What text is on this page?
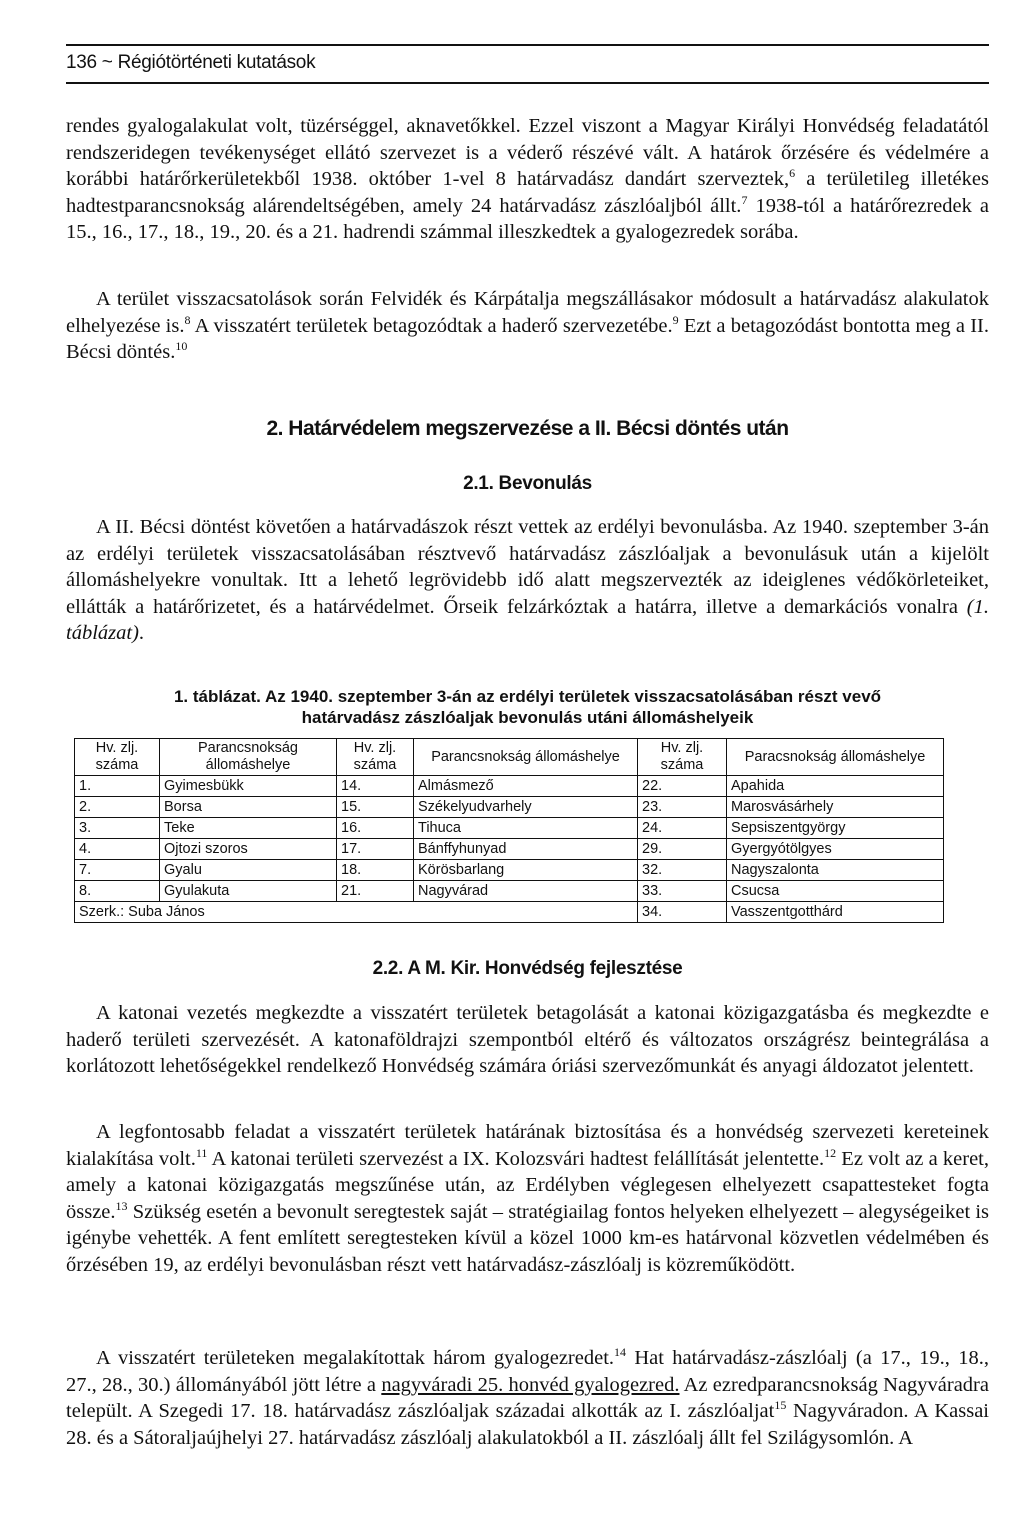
136 ~ Régiótörténeti kutatások

rendes gyalogalakulat volt, tüzérséggel, aknavetőkkel. Ezzel viszont a Magyar Királyi Honvédség feladatától rendszeridegen tevékenységet ellátó szervezet is a véderő részévé vált. A határok őrzésére és védelmére a korábbi határőrkerületekből 1938. október 1-vel 8 határvadász dandárt szerveztek,$^6$ a területileg illetékes hadtestparancsnokság alárendeltségében, amely 24 határvadász zászlóaljból állt.$^7$ 1938-tól a határőrezredek a 15., 16., 17., 18., 19., 20. és a 21. hadrendi számmal illeszkedtek a gyalogezredek sorába.

A terület visszacsatolások során Felvidék és Kárpátalja megszállásakor módosult a határvadász alakulatok elhelyezése is.$^8$ A visszatért területek betagozódtak a haderő szervezetébe.$^9$ Ezt a betagozódást bontotta meg a II. Bécsi döntés.$^{10}$

2. Határvédelem megszervezése a II. Bécsi döntés után
2.1. Bevonulás

A II. Bécsi döntést követően a határvadászok részt vettek az erdélyi bevonulásba. Az 1940. szeptember 3-án az erdélyi területek visszacsatolásában résztvevő határvadász zászlóaljak a bevonulásuk után a kijelölt állomáshelyekre vonultak. Itt a lehető legrövidebb idő alatt megszervezték az ideiglenes védőkörleteiket, ellátták a határőrizetet, és a határvédelmet. Őrseik felzárkóztak a határra, illetve a demarkációs vonalra (1. táblázat).

1. táblázat. Az 1940. szeptember 3-án az erdélyi területek visszacsatolásában részt vevő
határvadász zászlóaljak bevonulás utáni állomáshelyeik
Hv. zlj. száma	Parancsnokság állomáshelye	Hv. zlj. száma	Parancsnokság állomáshelye	Hv. zlj. száma	Paracsnokság állomáshelye
1.	Gyimesbükk	14.	Almásmező	22.	Apahida
2.	Borsa	15.	Székelyudvarhely	23.	Marosvásárhely
3.	Teke	16.	Tihuca	24.	Sepsiszentgyörgy
4.	Ojtozi szoros	17.	Bánffyhunyad	29.	Gyergyótölgyes
7.	Gyalu	18.	Körösbarlang	32.	Nagyszalonta
8.	Gyulakuta	21.	Nagyvárad	33.	Csucsa
Szerk.: Suba János				34.	Vasszentgotthárd
2.2. A M. Kir. Honvédség fejlesztése

A katonai vezetés megkezdte a visszatért területek betagolását a katonai közigazgatásba és megkezdte e haderő területi szervezését. A katonaföldrajzi szempontból eltérő és változatos országrész beintegrálása a korlátozott lehetőségekkel rendelkező Honvédség számára óriási szervezőmunkát és anyagi áldozatot jelentett.

A legfontosabb feladat a visszatért területek határának biztosítása és a honvédség szervezeti kereteinek kialakítása volt.$^{11}$ A katonai területi szervezést a IX. Kolozsvári hadtest felállítását jelentette.$^{12}$ Ez volt az a keret, amely a katonai közigazgatás megszűnése után, az Erdélyben véglegesen elhelyezett csapattesteket fogta össze.$^{13}$ Szükség esetén a bevonult seregtestek saját – stratégiailag fontos helyeken elhelyezett – alegységeiket is igénybe vehették. A fent említett seregtesteken kívül a közel 1000 km-es határvonal közvetlen védelmében és őrzésében 19, az erdélyi bevonulásban részt vett határvadász-zászlóalj is közreműködött.

A visszatért területeken megalakítottak három gyalogezredet.$^{14}$ Hat határvadász-zászlóalj (a 17., 19., 18., 27., 28., 30.) állományából jött létre a nagyváradi 25. honvéd gyalogezred. Az ezredparancsnokság Nagyváradra települt. A Szegedi 17. 18. határvadász zászlóaljak századai alkották az I. zászlóaljat$^{15}$ Nagyváradon. A Kassai 28. és a Sátoraljaújhelyi 27. határvadász zászlóalj alakulatokból a II. zászlóalj állt fel Szilágysomlón. A
